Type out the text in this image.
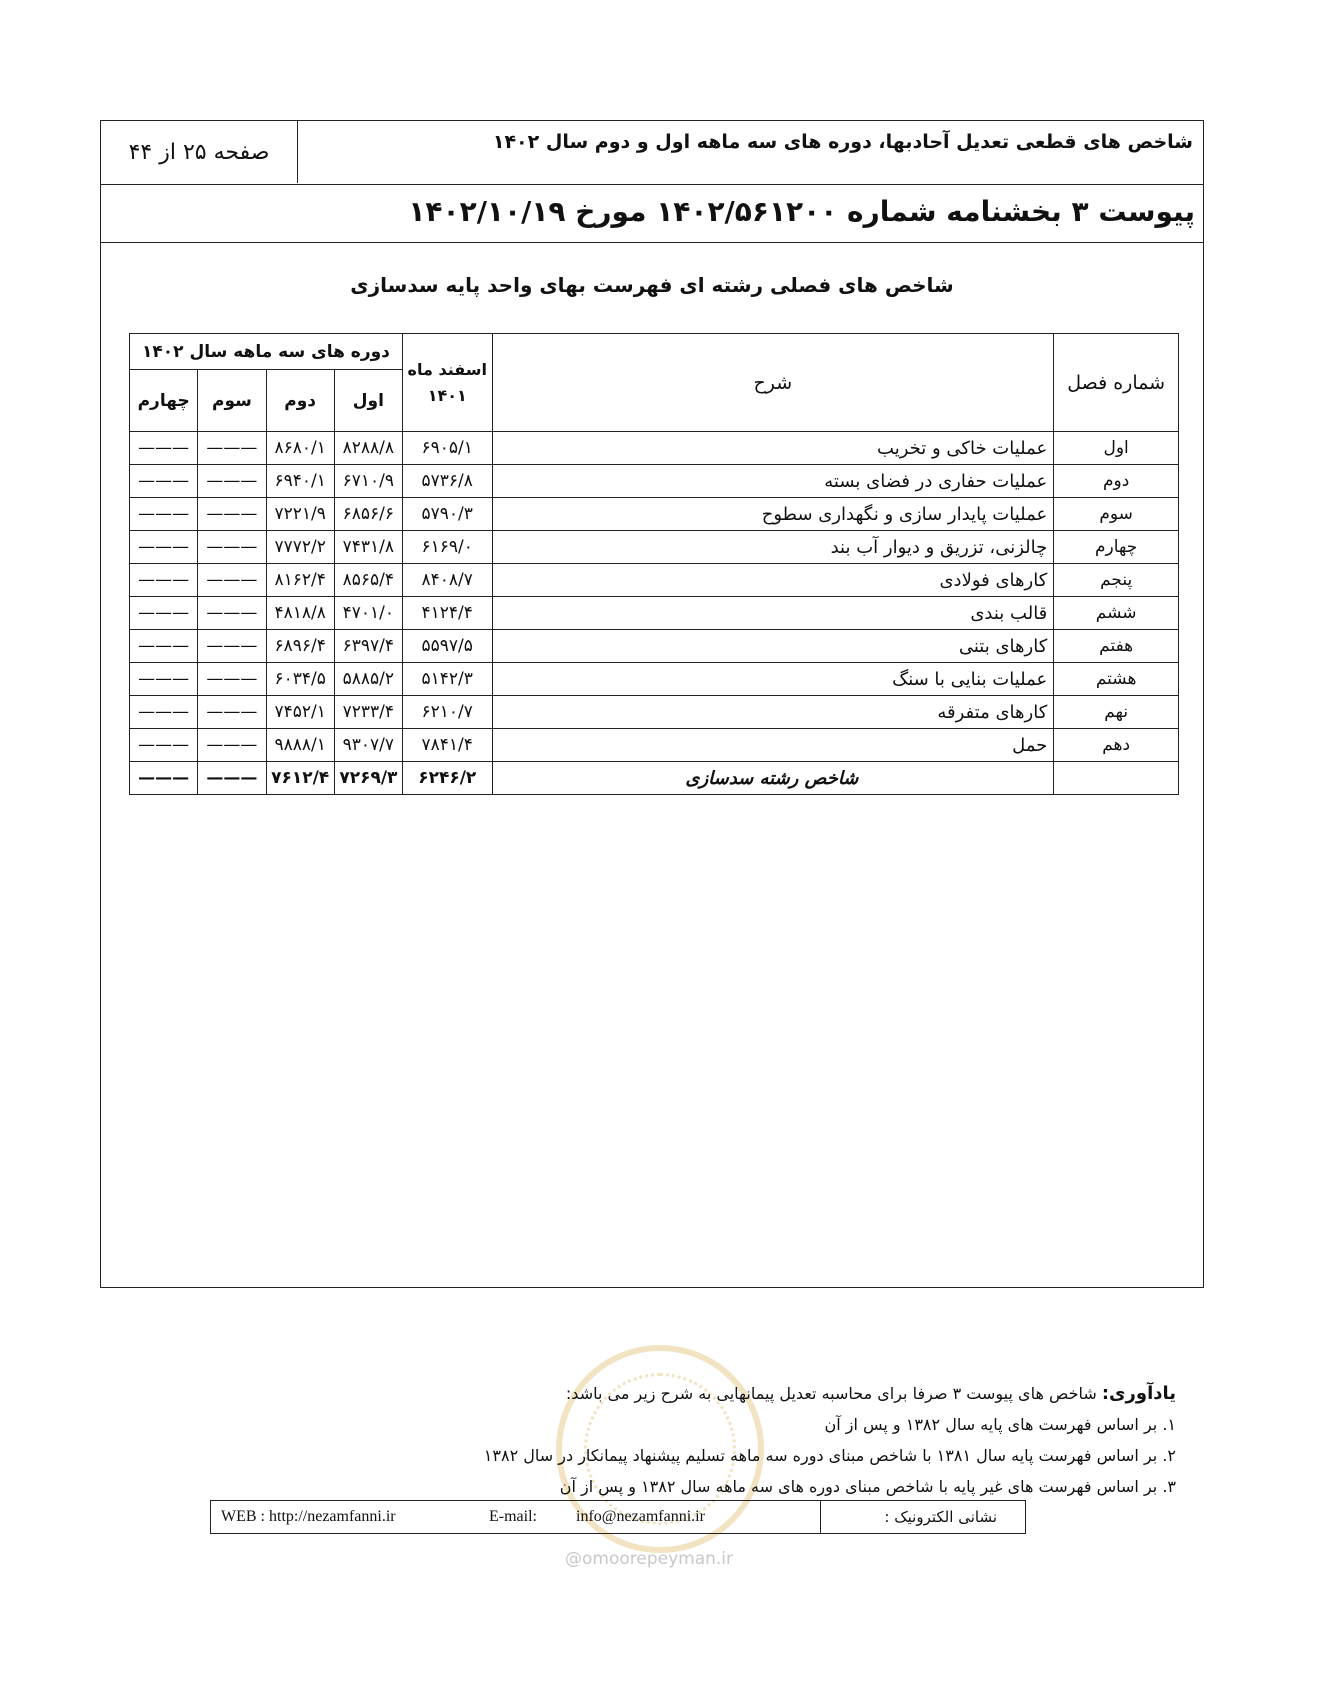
شاخص های قطعی تعدیل آحادبها، دوره های سه ماهه اول و دوم سال ۱۴۰۲
صفحه ۲۵ از ۴۴
پیوست ۳ بخشنامه شماره ۱۴۰۲/۵۶۱۲۰۰ مورخ ۱۴۰۲/۱۰/۱۹
شاخص های فصلی رشته ای فهرست بهای واحد پایه سدسازی
شماره فصل	شرح	اسفند ماه ۱۴۰۱	دوره های سه ماهه سال ۱۴۰۲			
			اول	دوم	سوم	چهارم
اول	عملیات خاکی و تخریب	۶۹۰۵/۱	۸۲۸۸/۸	۸۶۸۰/۱	———	———
دوم	عملیات حفاری در فضای بسته	۵۷۳۶/۸	۶۷۱۰/۹	۶۹۴۰/۱	———	———
سوم	عملیات پایدار سازی و نگهداری سطوح	۵۷۹۰/۳	۶۸۵۶/۶	۷۲۲۱/۹	———	———
چهارم	چالزنی، تزریق و دیوار آب بند	۶۱۶۹/۰	۷۴۳۱/۸	۷۷۷۲/۲	———	———
پنجم	کارهای فولادی	۸۴۰۸/۷	۸۵۶۵/۴	۸۱۶۲/۴	———	———
ششم	قالب بندی	۴۱۲۴/۴	۴۷۰۱/۰	۴۸۱۸/۸	———	———
هفتم	کارهای بتنی	۵۵۹۷/۵	۶۳۹۷/۴	۶۸۹۶/۴	———	———
هشتم	عملیات بنایی با سنگ	۵۱۴۲/۳	۵۸۸۵/۲	۶۰۳۴/۵	———	———
نهم	کارهای متفرقه	۶۲۱۰/۷	۷۲۳۳/۴	۷۴۵۲/۱	———	———
دهم	حمل	۷۸۴۱/۴	۹۳۰۷/۷	۹۸۸۸/۱	———	———
	شاخص رشته سدسازی	۶۲۴۶/۲	۷۲۶۹/۳	۷۶۱۲/۴	———	———
یادآوری: شاخص های پیوست ۳ صرفا برای محاسبه تعدیل پیمانهایی به شرح زیر می باشد:
۱. بر اساس فهرست های پایه سال ۱۳۸۲ و پس از آن
۲. بر اساس فهرست پایه سال ۱۳۸۱ با شاخص مبنای دوره سه ماهه تسلیم پیشنهاد پیمانکار در سال ۱۳۸۲
۳. بر اساس فهرست های غیر پایه با شاخص مبنای دوره های سه ماهه سال ۱۳۸۲ و پس از آن
نشانی الکترونیک :
WEB : http://nezamfanni.ir	E-mail: info@nezamfanni.ir
@omoorepeyman.ir
